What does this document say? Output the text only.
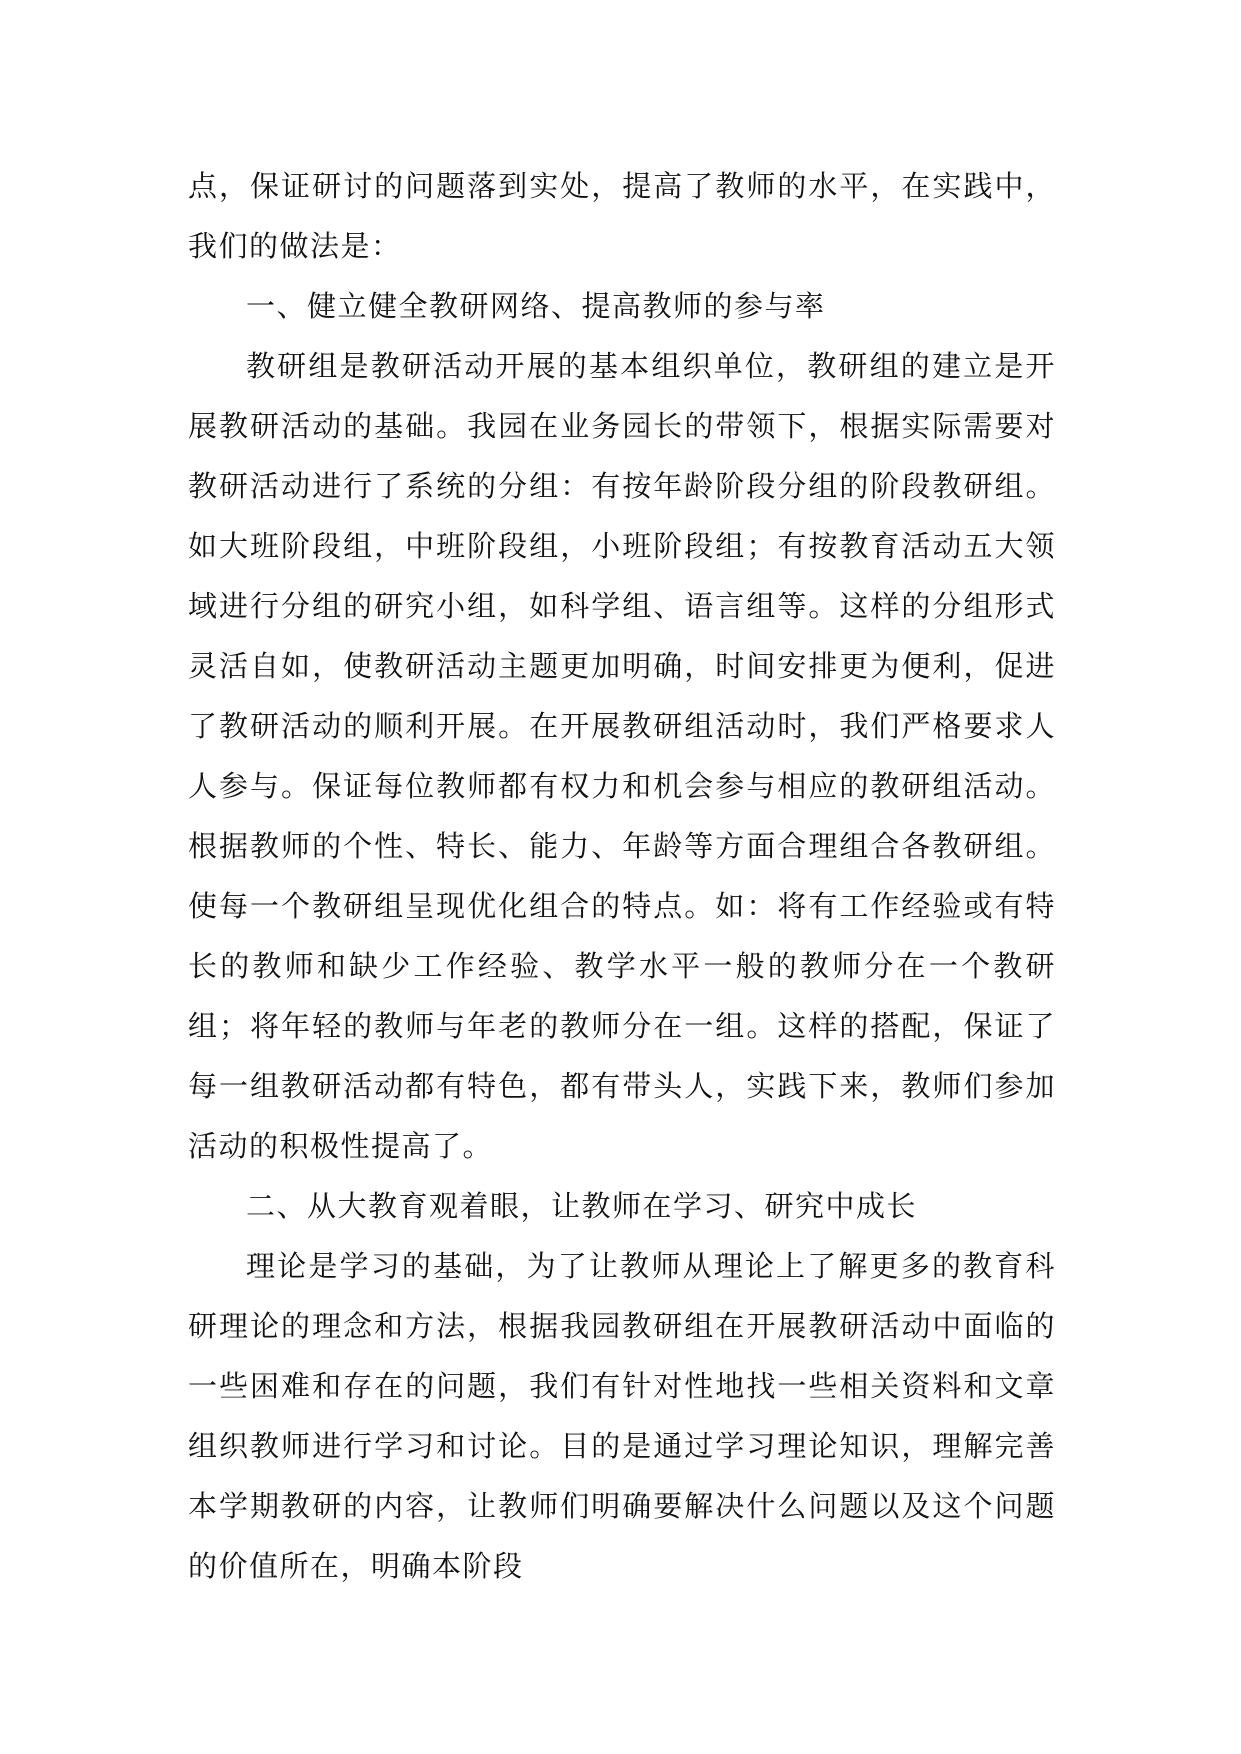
点，保证研讨的问题落到实处，提高了教师的水平，在实践中，我们的做法是：

一、健立健全教研网络、提高教师的参与率

教研组是教研活动开展的基本组织单位，教研组的建立是开展教研活动的基础。我园在业务园长的带领下，根据实际需要对教研活动进行了系统的分组：有按年龄阶段分组的阶段教研组。如大班阶段组，中班阶段组，小班阶段组；有按教育活动五大领域进行分组的研究小组，如科学组、语言组等。这样的分组形式灵活自如，使教研活动主题更加明确，时间安排更为便利，促进了教研活动的顺利开展。在开展教研组活动时，我们严格要求人人参与。保证每位教师都有权力和机会参与相应的教研组活动。根据教师的个性、特长、能力、年龄等方面合理组合各教研组。使每一个教研组呈现优化组合的特点。如：将有工作经验或有特长的教师和缺少工作经验、教学水平一般的教师分在一个教研组；将年轻的教师与年老的教师分在一组。这样的搭配，保证了每一组教研活动都有特色，都有带头人，实践下来，教师们参加活动的积极性提高了。

二、从大教育观着眼，让教师在学习、研究中成长

理论是学习的基础，为了让教师从理论上了解更多的教育科研理论的理念和方法，根据我园教研组在开展教研活动中面临的一些困难和存在的问题，我们有针对性地找一些相关资料和文章组织教师进行学习和讨论。目的是通过学习理论知识，理解完善本学期教研的内容，让教师们明确要解决什么问题以及这个问题的价值所在，明确本阶段
